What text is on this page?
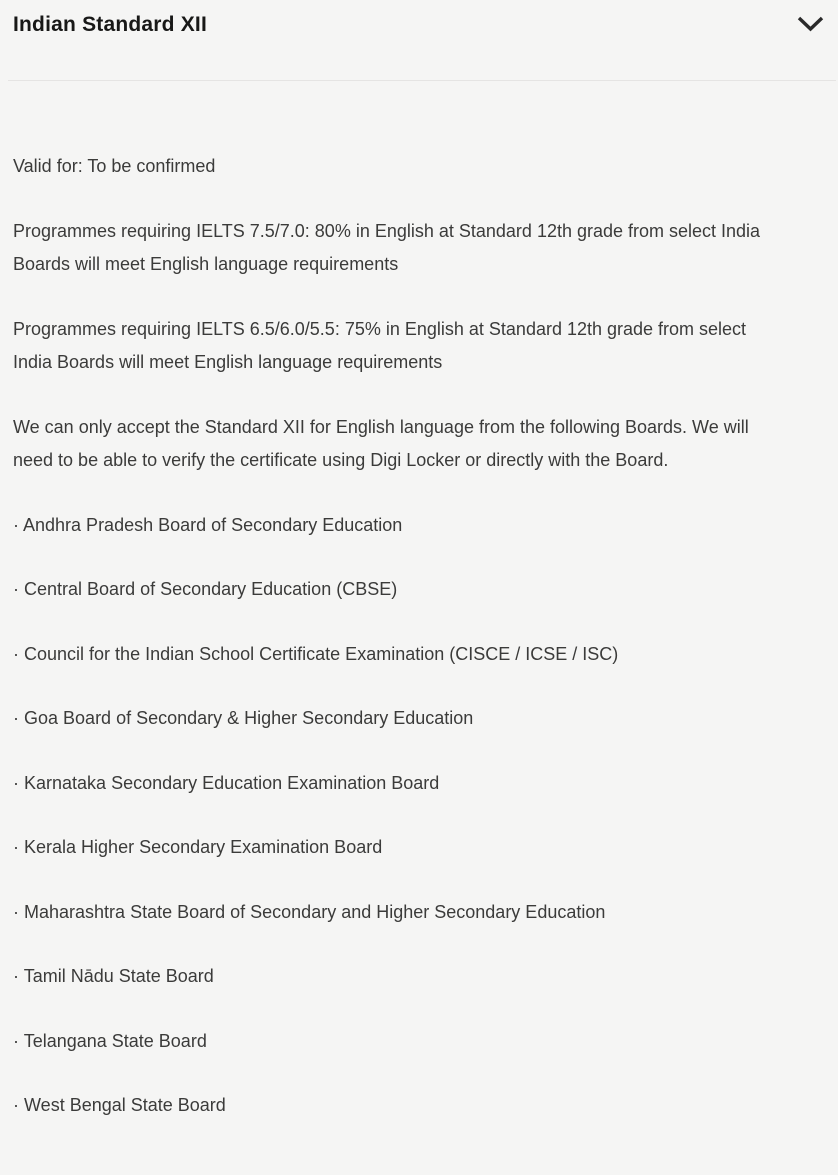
Indian Standard XII

Valid for: To be confirmed

Programmes requiring IELTS 7.5/7.0: 80% in English at Standard 12th grade from select India Boards will meet English language requirements

Programmes requiring IELTS 6.5/6.0/5.5: 75% in English at Standard 12th grade from select India Boards will meet English language requirements

We can only accept the Standard XII for English language from the following Boards. We will need to be able to verify the certificate using Digi Locker or directly with the Board.

· Andhra Pradesh Board of Secondary Education

· Central Board of Secondary Education (CBSE)

· Council for the Indian School Certificate Examination (CISCE / ICSE / ISC)

· Goa Board of Secondary & Higher Secondary Education

· Karnataka Secondary Education Examination Board

· Kerala Higher Secondary Examination Board

· Maharashtra State Board of Secondary and Higher Secondary Education

· Tamil Nādu State Board

· Telangana State Board

· West Bengal State Board
